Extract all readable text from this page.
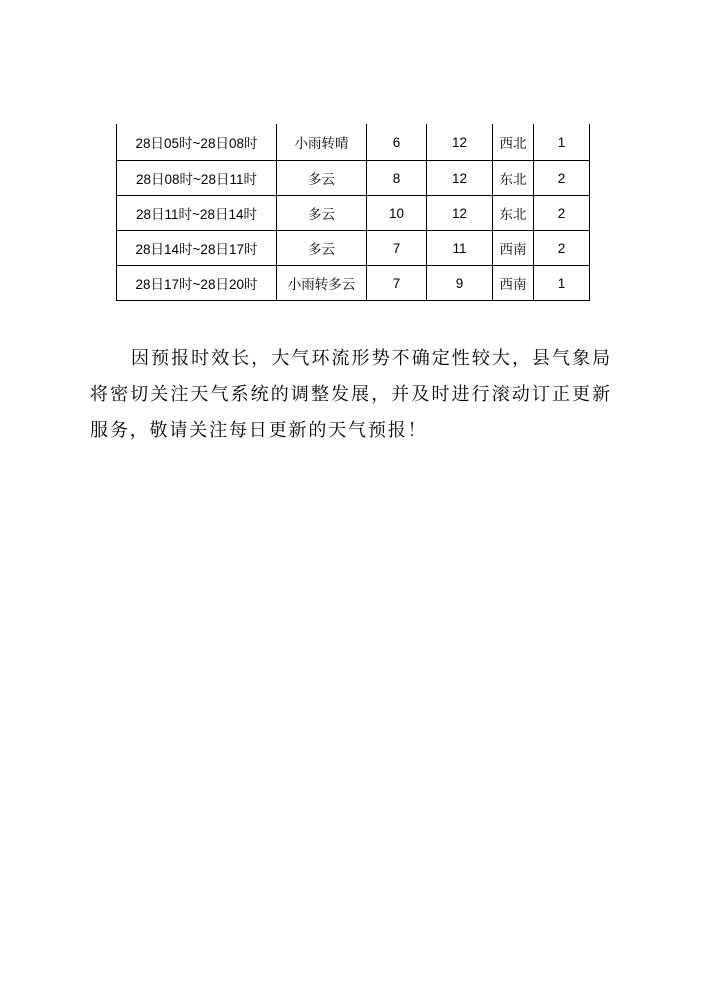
28日05时~28日08时	小雨转晴	6	12	西北	1
28日08时~28日11时	多云	8	12	东北	2
28日11时~28日14时	多云	10	12	东北	2
28日14时~28日17时	多云	7	11	西南	2
28日17时~28日20时	小雨转多云	7	9	西南	1

因预报时效长，大气环流形势不确定性较大，县气象局将密切关注天气系统的调整发展，并及时进行滚动订正更新服务，敬请关注每日更新的天气预报！
